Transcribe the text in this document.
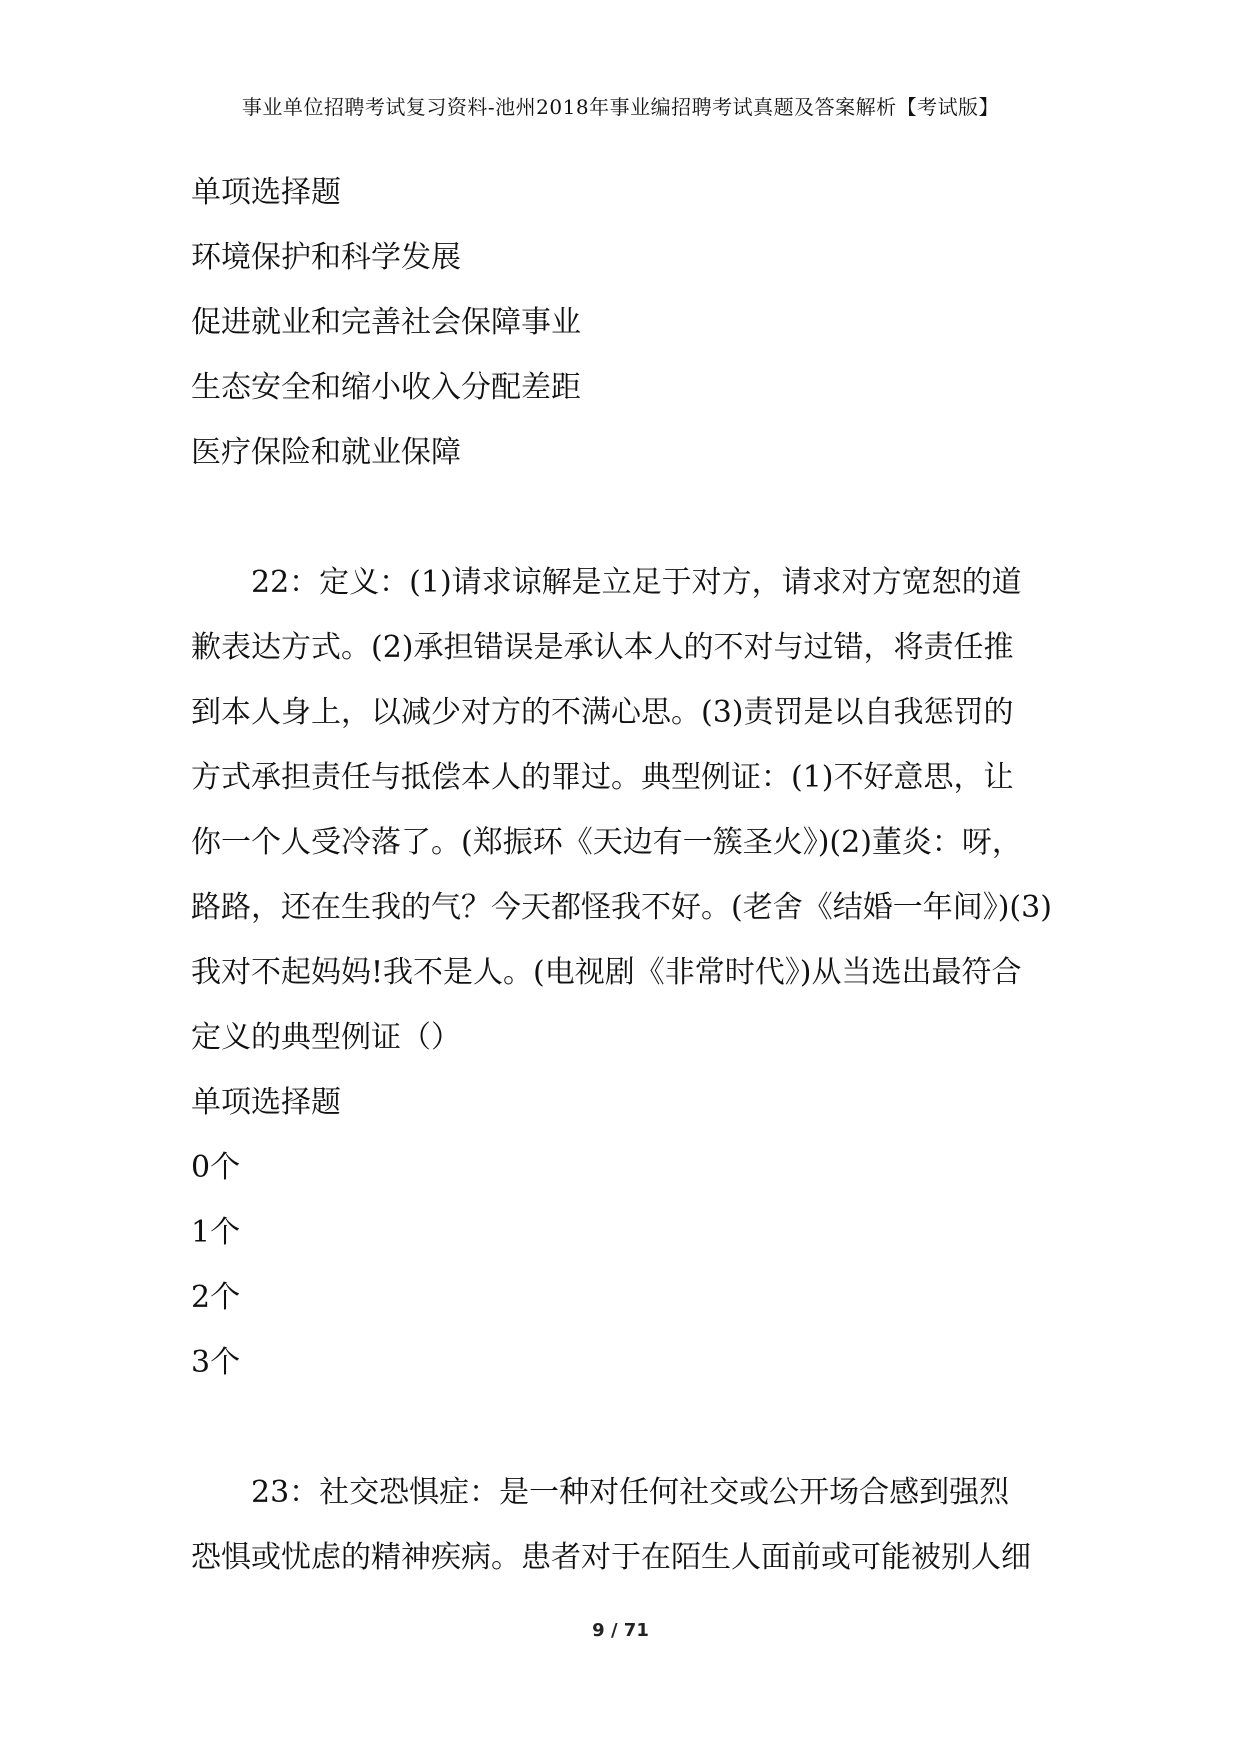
事业单位招聘考试复习资料-池州2018年事业编招聘考试真题及答案解析【考试版】
单项选择题
环境保护和科学发展
促进就业和完善社会保障事业
生态安全和缩小收入分配差距
医疗保险和就业保障
22：定义：(1)请求谅解是立足于对方，请求对方宽恕的道
歉表达方式。(2)承担错误是承认本人的不对与过错，将责任推
到本人身上，以减少对方的不满心思。(3)责罚是以自我惩罚的
方式承担责任与抵偿本人的罪过。典型例证：(1)不好意思，让
你一个人受冷落了。(郑振环《天边有一簇圣火》)(2)董炎：呀，
路路，还在生我的气？今天都怪我不好。(老舍《结婚一年间》)(3)
我对不起妈妈!我不是人。(电视剧《非常时代》)从当选出最符合
定义的典型例证（）
单项选择题
0个
1个
2个
3个
23：社交恐惧症：是一种对任何社交或公开场合感到强烈
恐惧或忧虑的精神疾病。患者对于在陌生人面前或可能被别人细
9 / 71
